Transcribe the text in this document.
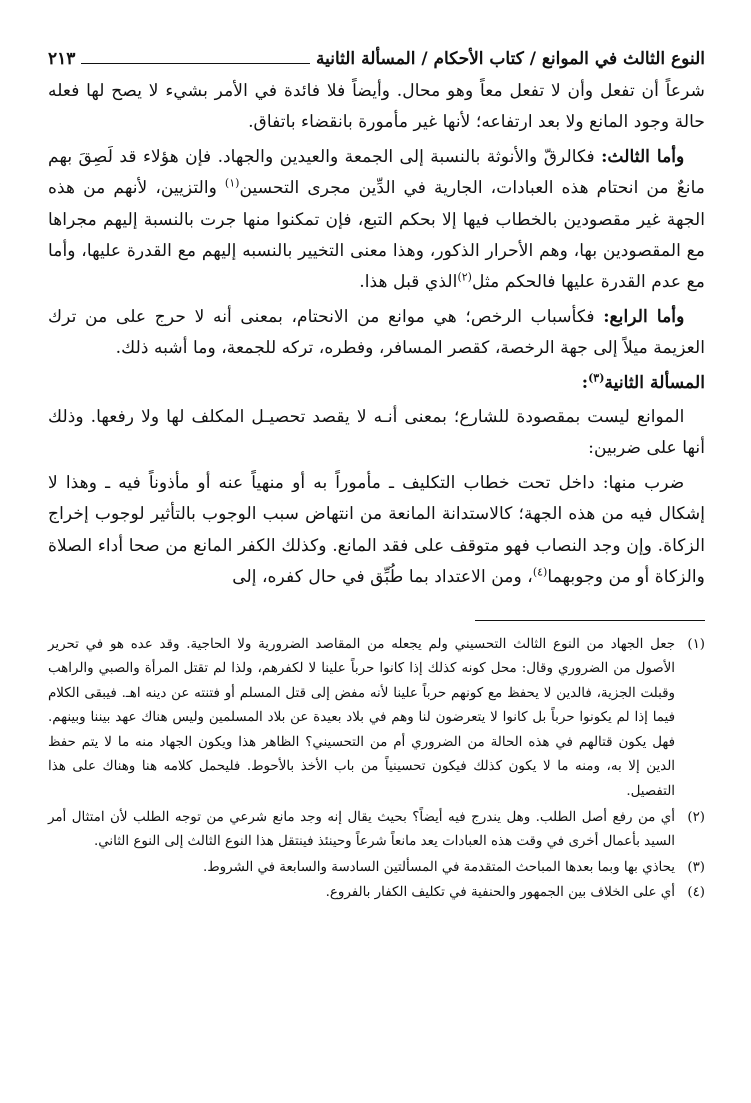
النوع الثالث في الموانع / كتاب الأحكام / المسألة الثانية
٢١٣

شرعاً أن تفعل وأن لا تفعل معاً وهو محال. وأيضاً فلا فائدة في الأمر بشيء لا يصح لها فعله حالة وجود المانع ولا بعد ارتفاعه؛ لأنها غير مأمورة بانقضاء باتفاق.

وأما الثالث: فكالرقّ والأنوثة بالنسبة إلى الجمعة والعيدين والجهاد. فإن هؤلاء قد لَصِقَ بهم مانعٌ من انحتام هذه العبادات، الجارية في الدِّين مجرى التحسين$^{(١)}$ والتزيين، لأنهم من هذه الجهة غير مقصودين بالخطاب فيها إلا بحكم التبع، فإن تمكنوا منها جرت بالنسبة إليهم مجراها مع المقصودين بها، وهم الأحرار الذكور، وهذا معنى التخيير بالنسبه إليهم مع القدرة عليها، وأما مع عدم القدرة عليها فالحكم مثل$^{(٢)}$الذي قبل هذا.

وأما الرابع: فكأسباب الرخص؛ هي موانع من الانحتام، بمعنى أنه لا حرج على من ترك العزيمة ميلاً إلى جهة الرخصة، كقصر المسافر، وفطره، تركه للجمعة، وما أشبه ذلك.

المسألة الثانية$^{(٣)}$:

الموانع ليست بمقصودة للشارع؛ بمعنى أنـه لا يقصد تحصيـل المكلف لها ولا رفعها. وذلك أنها على ضربين:

ضرب منها: داخل تحت خطاب التكليف ـ مأموراً به أو منهياً عنه أو مأذوناً فيه ـ وهذا لا إشكال فيه من هذه الجهة؛ كالاستدانة المانعة من انتهاض سبب الوجوب بالتأثير لوجوب إخراج الزكاة. وإن وجد النصاب فهو متوقف على فقد المانع. وكذلك الكفر المانع من صحا أداء الصلاة والزكاة أو من وجوبهما$^{(٤)}$، ومن الاعتداد بما طُبِّق في حال كفره، إلى

(١)
جعل الجهاد من النوع الثالث التحسيني ولم يجعله من المقاصد الضرورية ولا الحاجية. وقد عده هو في تحرير الأصول من الضروري وقال: محل كونه كذلك إذا كانوا حرباً علينا لا لكفرهم، ولذا لم تقتل المرأة والصبي والراهب وقبلت الجزية، فالدين لا يحفظ مع كونهم حرباً علينا لأنه مفض إلى قتل المسلم أو فتنته عن دينه اهـ. فيبقى الكلام فيما إذا لم يكونوا حرباً بل كانوا لا يتعرضون لنا وهم في بلاد بعيدة عن بلاد المسلمين وليس هناك عهد بيننا وبينهم. فهل يكون قتالهم في هذه الحالة من الضروري أم من التحسيني؟ الظاهر هذا ويكون الجهاد منه ما لا يتم حفظ الدين إلا به، ومنه ما لا يكون كذلك فيكون تحسينياً من باب الأخذ بالأحوط. فليحمل كلامه هنا وهناك على هذا التفصيل.
(٢)
أي من رفع أصل الطلب. وهل يندرج فيه أيضاً؟ بحيث يقال إنه وجد مانع شرعي من توجه الطلب لأن امتثال أمر السيد بأعمال أخرى في وقت هذه العبادات يعد مانعاً شرعاً وحينئذ فينتقل هذا النوع الثالث إلى النوع الثاني.
(٣)
يحاذي بها وبما بعدها المباحث المتقدمة في المسألتين السادسة والسابعة في الشروط.
(٤)
أي على الخلاف بين الجمهور والحنفية في تكليف الكفار بالفروع.
